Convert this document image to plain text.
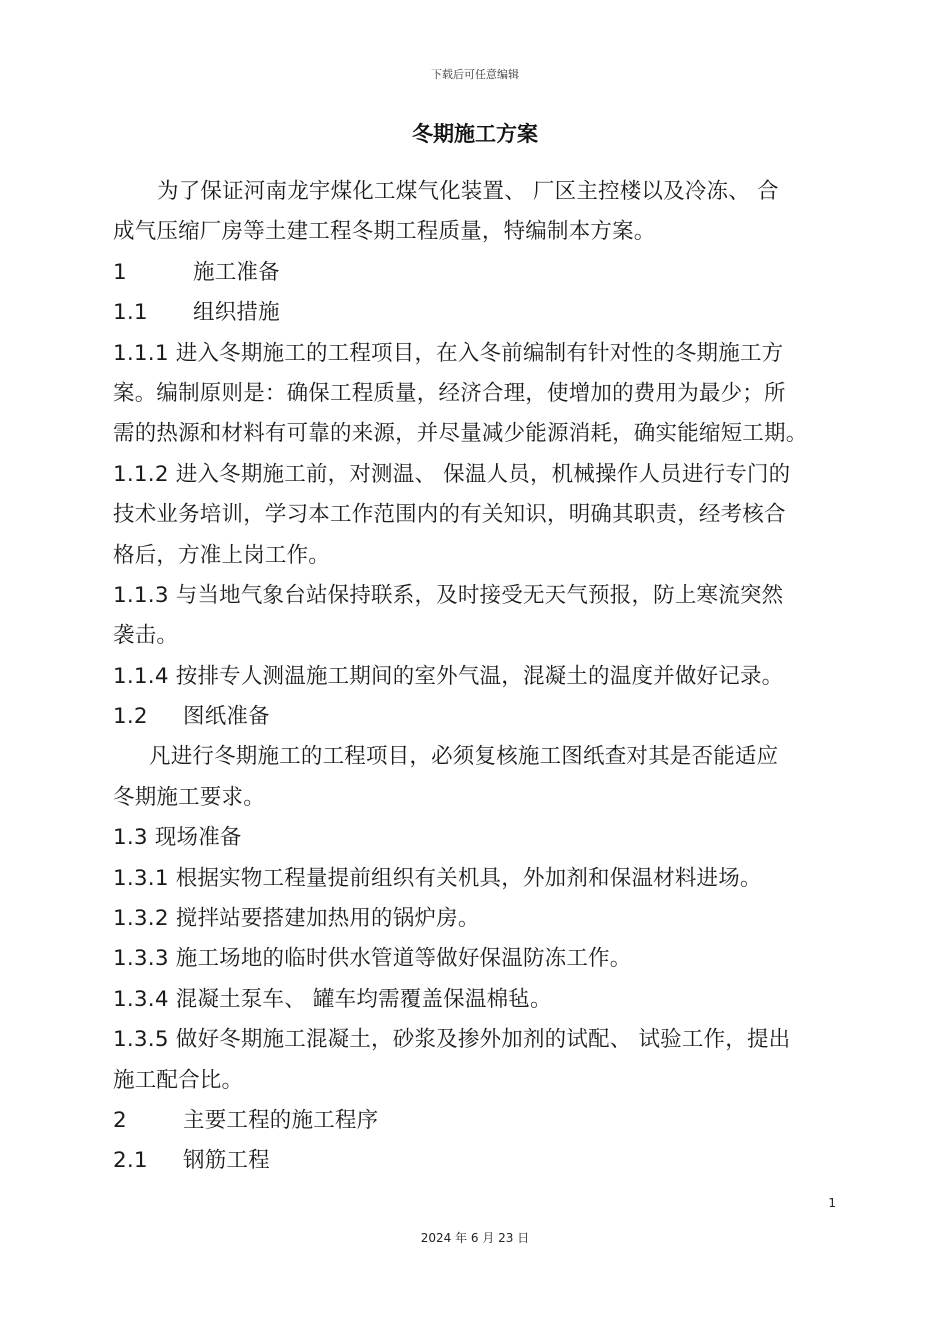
下载后可任意编辑
冬期施工方案
为了保证河南龙宇煤化工煤气化装置、 厂区主控楼以及冷冻、 合
成气压缩厂房等土建工程冬期工程质量，特编制本方案。
1	施工准备
1.1 组织措施
1.1.1 进入冬期施工的工程项目，在入冬前编制有针对性的冬期施工方
案。编制原则是：确保工程质量，经济合理，使增加的费用为最少；所
需的热源和材料有可靠的来源，并尽量减少能源消耗，确实能缩短工期。
1.1.2 进入冬期施工前，对测温、 保温人员，机械操作人员进行专门的
技术业务培训，学习本工作范围内的有关知识，明确其职责，经考核合
格后，方准上岗工作。
1.1.3 与当地气象台站保持联系，及时接受无天气预报，防上寒流突然
袭击。
1.1.4 按排专人测温施工期间的室外气温，混凝土的温度并做好记录。
1.2 图纸准备
凡进行冬期施工的工程项目，必须复核施工图纸查对其是否能适应
冬期施工要求。
1.3 现场准备
1.3.1 根据实物工程量提前组织有关机具，外加剂和保温材料进场。
1.3.2 搅拌站要搭建加热用的锅炉房。
1.3.3 施工场地的临时供水管道等做好保温防冻工作。
1.3.4 混凝土泵车、 罐车均需覆盖保温棉毡。
1.3.5 做好冬期施工混凝土，砂浆及掺外加剂的试配、 试验工作，提出
施工配合比。
2	主要工程的施工程序
2.1 钢筋工程
1
2024 年 6 月 23 日
